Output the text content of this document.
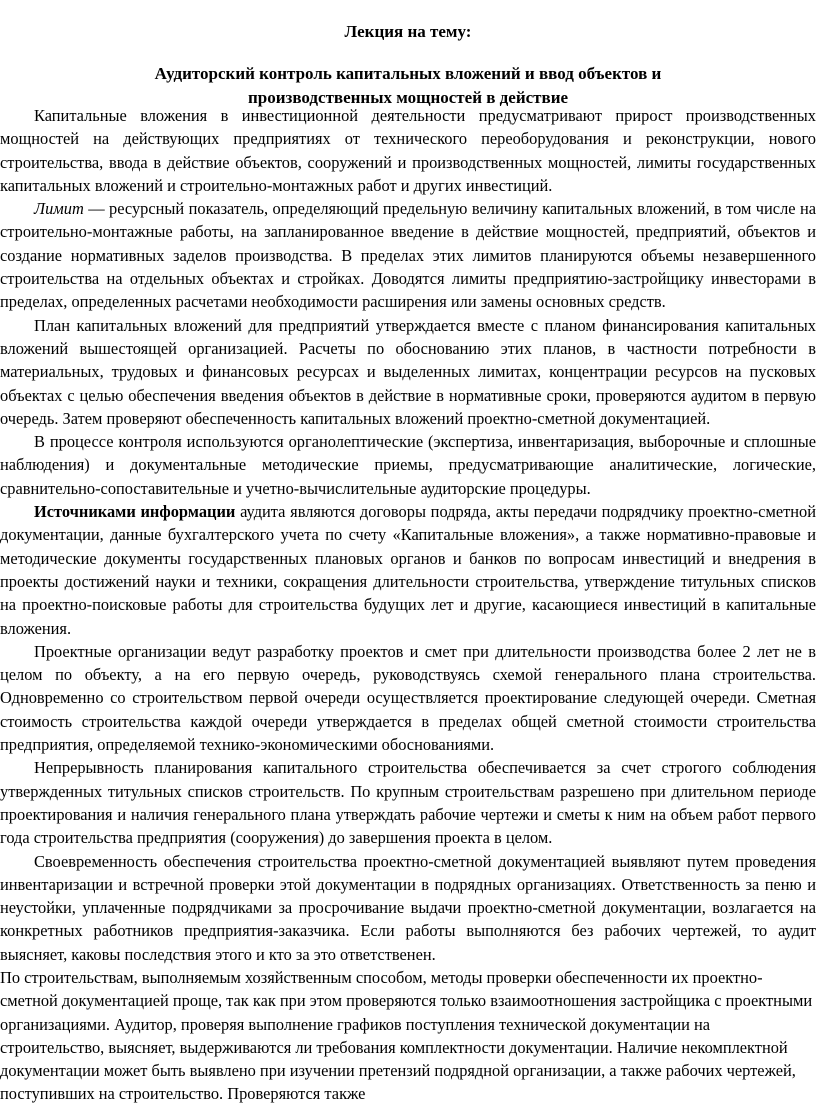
Лекция на тему:
Аудиторский контроль капитальных вложений и ввод объектов и производственных мощностей в действие

Капитальные вложения в инвестиционной деятельности предусматривают прирост производственных мощностей на действующих предприятиях от технического переоборудования и реконструкции, нового строительства, ввода в действие объектов, сооружений и производственных мощностей, лимиты государственных капитальных вложений и строительно-монтажных работ и других инвестиций.

Лимит — ресурсный показатель, определяющий предельную величину капитальных вложений, в том числе на строительно-монтажные работы, на запланированное введение в действие мощностей, предприятий, объектов и создание нормативных заделов производства. В пределах этих лимитов планируются объемы незавершенного строительства на отдельных объектах и стройках. Доводятся лимиты предприятию-застройщику инвесторами в пределах, определенных расчетами необходимости расширения или замены основных средств.

План капитальных вложений для предприятий утверждается вместе с планом финансирования капитальных вложений вышестоящей организацией. Расчеты по обоснованию этих планов, в частности потребности в материальных, трудовых и финансовых ресурсах и выделенных лимитах, концентрации ресурсов на пусковых объектах с целью обеспечения введения объектов в действие в нормативные сроки, проверяются аудитом в первую очередь. Затем проверяют обеспеченность капитальных вложений проектно-сметной документацией.

В процессе контроля используются органолептические (экспертиза, инвентаризация, выборочные и сплошные наблюдения) и документальные методические приемы, предусматривающие аналитические, логические, сравнительно-сопоставительные и учетно-вычислительные аудиторские процедуры.

Источниками информации аудита являются договоры подряда, акты передачи подрядчику проектно-сметной документации, данные бухгалтерского учета по счету «Капитальные вложения», а также нормативно-правовые и методические документы государственных плановых органов и банков по вопросам инвестиций и внедрения в проекты достижений науки и техники, сокращения длительности строительства, утверждение титульных списков на проектно-поисковые работы для строительства будущих лет и другие, касающиеся инвестиций в капитальные вложения.

Проектные организации ведут разработку проектов и смет при длительности производства более 2 лет не в целом по объекту, а на его первую очередь, руководствуясь схемой генерального плана строительства. Одновременно со строительством первой очереди осуществляется проектирование следующей очереди. Сметная стоимость строительства каждой очереди утверждается в пределах общей сметной стоимости строительства предприятия, определяемой технико-экономическими обоснованиями.

Непрерывность планирования капитального строительства обеспечивается за счет строгого соблюдения утвержденных титульных списков строительств. По крупным строительствам разрешено при длительном периоде проектирования и наличия генерального плана утверждать рабочие чертежи и сметы к ним на объем работ первого года строительства предприятия (сооружения) до завершения проекта в целом.

Своевременность обеспечения строительства проектно-сметной документацией выявляют путем проведения инвентаризации и встречной проверки этой документации в подрядных организациях. Ответственность за пеню и неустойки, уплаченные подрядчиками за просрочивание выдачи проектно-сметной документации, возлагается на конкретных работников предприятия-заказчика. Если работы выполняются без рабочих чертежей, то аудит выясняет, каковы последствия этого и кто за это ответственен.

По строительствам, выполняемым хозяйственным способом, методы проверки обеспеченности их проектно-сметной документацией проще, так как при этом проверяются только взаимоотношения застройщика с проектными организациями. Аудитор, проверяя выполнение графиков поступления технической документации на строительство, выясняет, выдерживаются ли требования комплектности документации. Наличие некомплектной документации может быть выявлено при изучении претензий подрядной организации, а также рабочих чертежей, поступивших на строительство. Проверяются также
